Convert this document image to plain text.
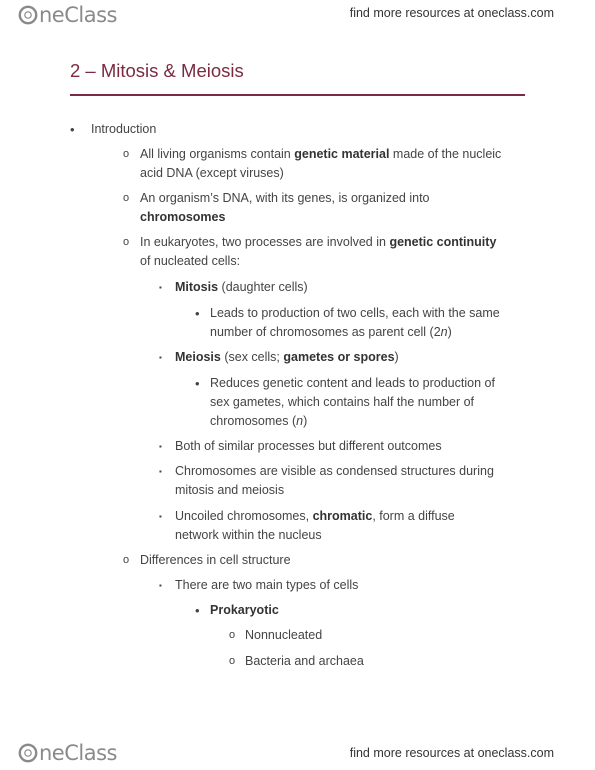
neClass	find more resources at oneclass.com
2 – Mitosis & Meiosis
• Introduction
o All living organisms contain genetic material made of the nucleic
acid DNA (except viruses)
o An organism’s DNA, with its genes, is organized into
chromosomes
o In eukaryotes, two processes are involved in genetic continuity
of nucleated cells:
▪ Mitosis (daughter cells)
• Leads to production of two cells, each with the same
number of chromosomes as parent cell (2n)
▪ Meiosis (sex cells; gametes or spores)
• Reduces genetic content and leads to production of
sex gametes, which contains half the number of
chromosomes (n)
▪ Both of similar processes but different outcomes
▪ Chromosomes are visible as condensed structures during
mitosis and meiosis
▪ Uncoiled chromosomes, chromatic, form a diffuse
network within the nucleus
o Differences in cell structure
▪ There are two main types of cells
• Prokaryotic
o Nonnucleated
o Bacteria and archaea
neClass	find more resources at oneclass.com
